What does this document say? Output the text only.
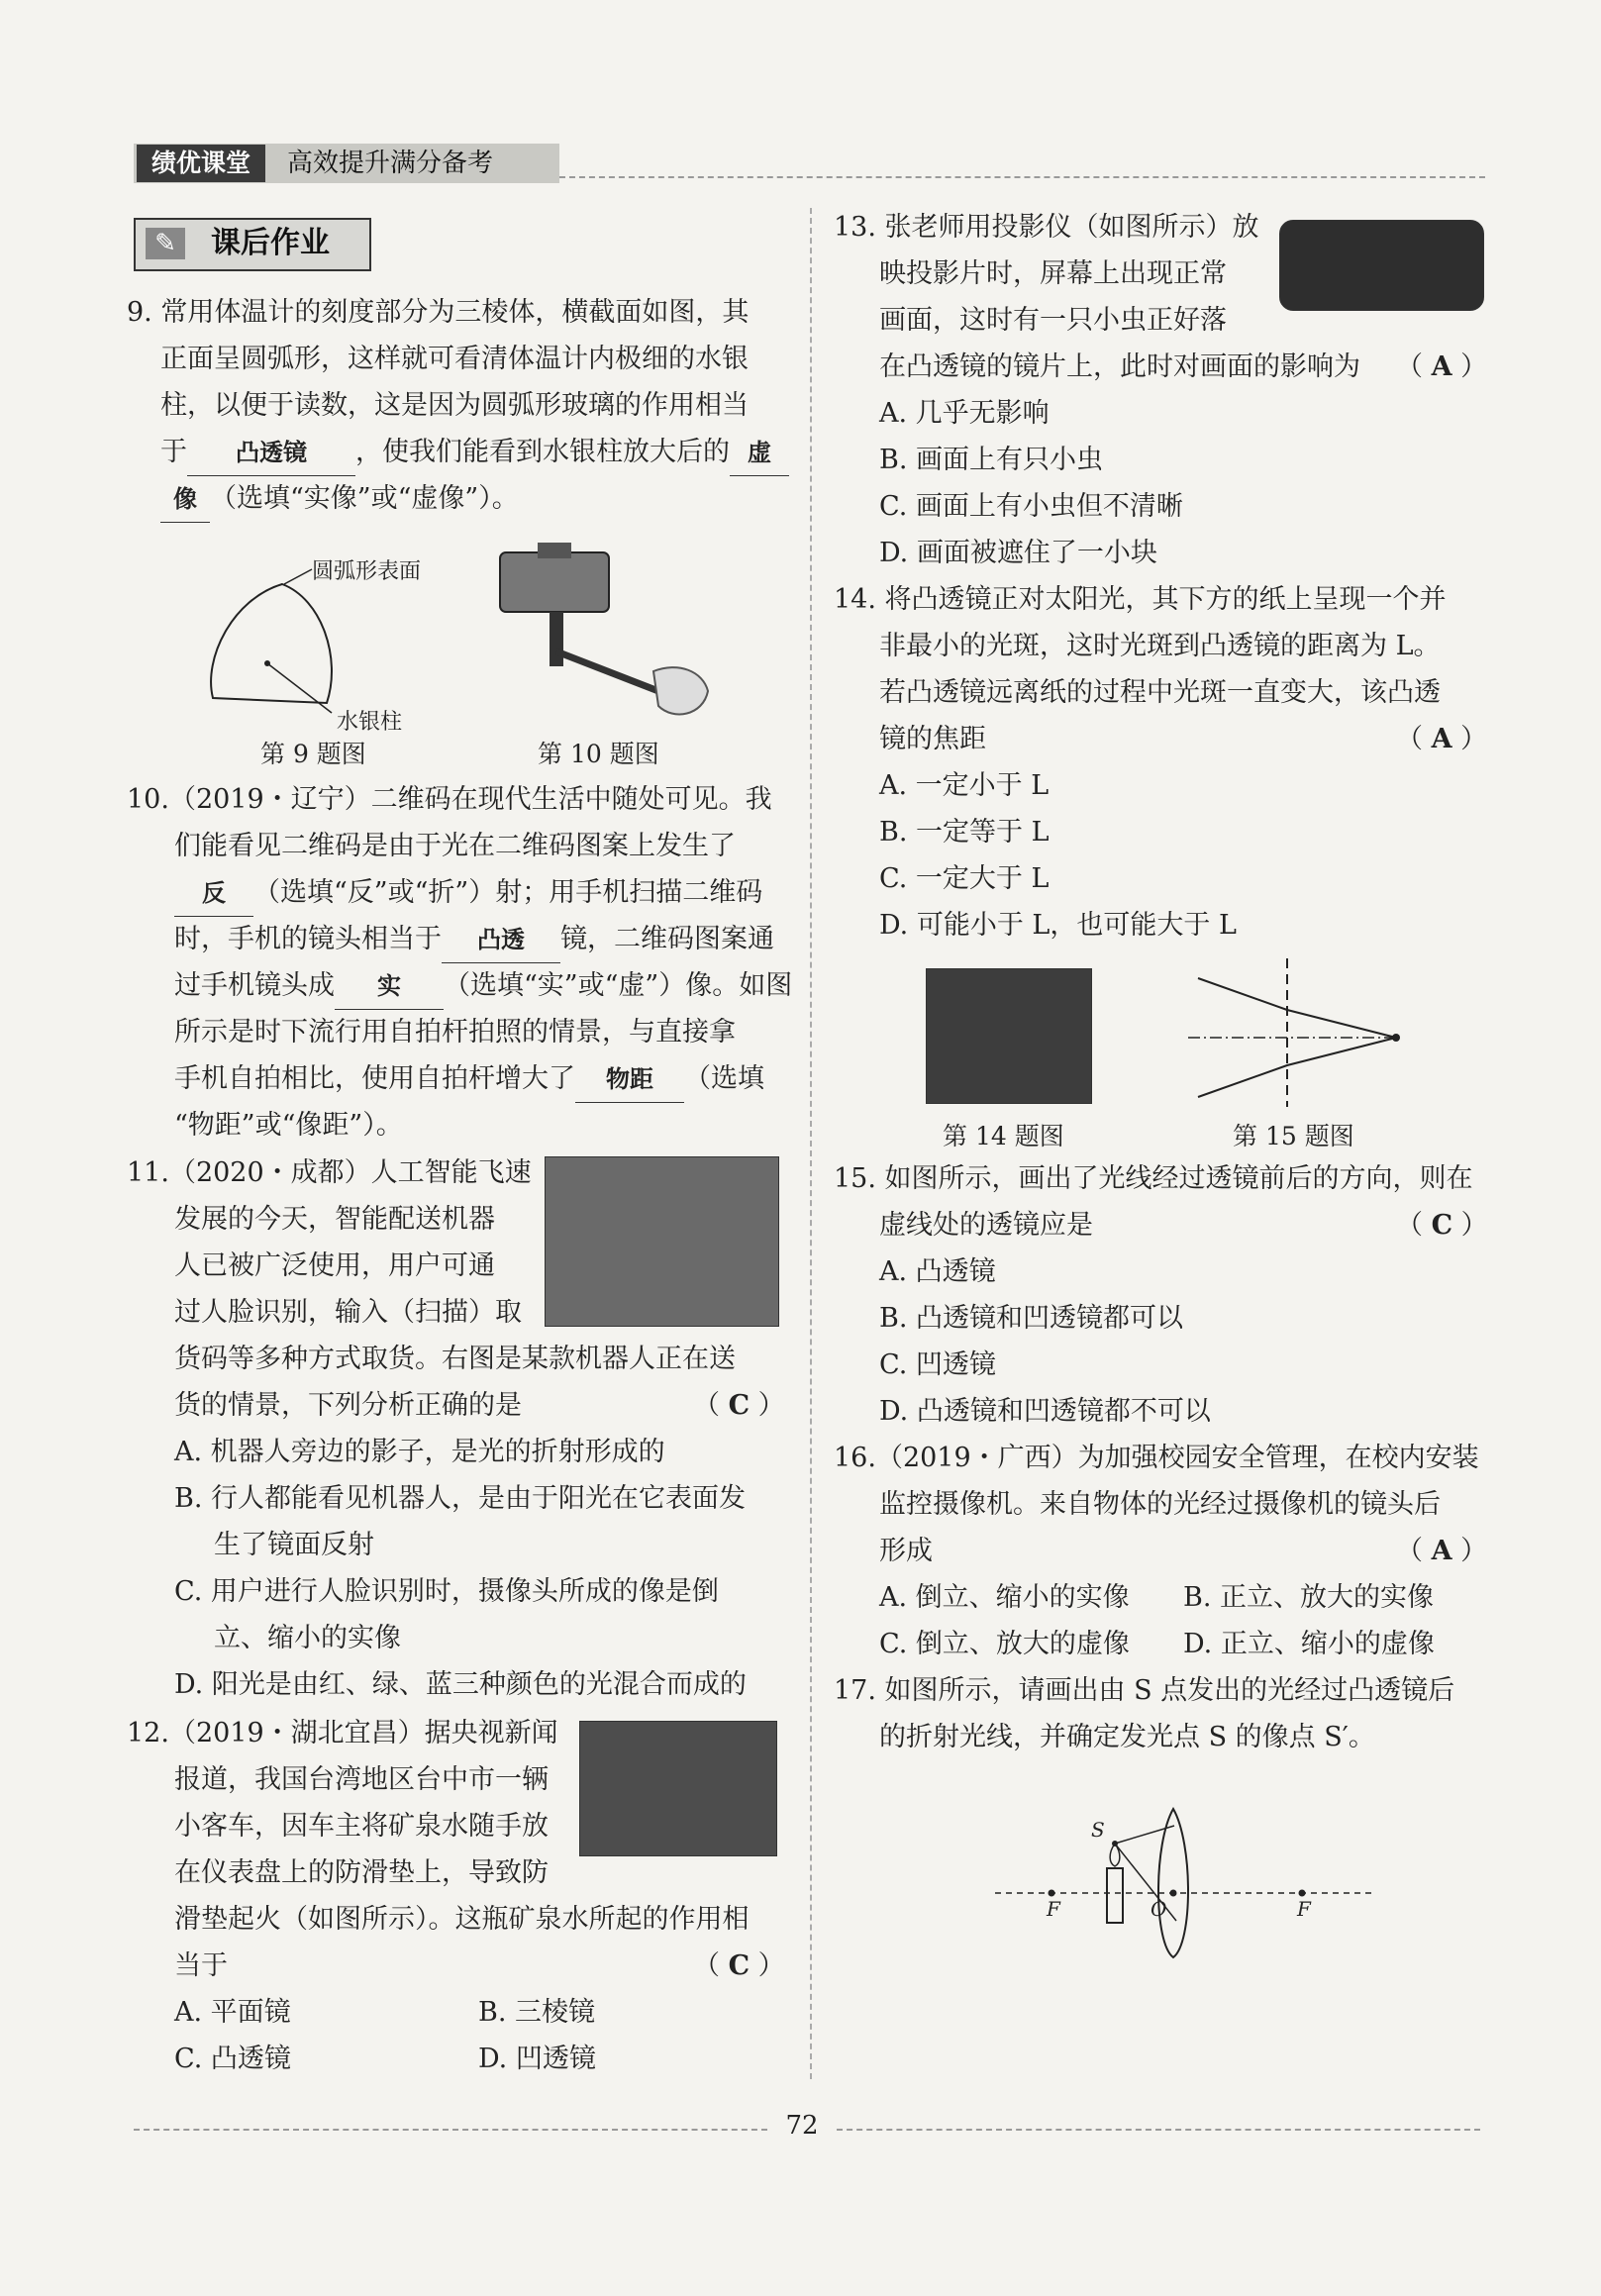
绩优课堂	高效提升满分备考
✎	课后作业
9. 常用体温计的刻度部分为三棱体，横截面如图，其
正面呈圆弧形，这样就可看清体温计内极细的水银
柱，以便于读数，这是因为圆弧形玻璃的作用相当
于 凸透镜 ，使我们能看到水银柱放大后的 虚
像 （选填“实像”或“虚像”）。
圆弧形表面
水银柱
第 9 题图	第 10 题图
10.（2019・辽宁）二维码在现代生活中随处可见。我
们能看见二维码是由于光在二维码图案上发生了
反 （选填“反”或“折”）射；用手机扫描二维码
时，手机的镜头相当于 凸透 镜，二维码图案通
过手机镜头成 实 （选填“实”或“虚”）像。如图
所示是时下流行用自拍杆拍照的情景，与直接拿
手机自拍相比，使用自拍杆增大了 物距 （选填
“物距”或“像距”）。
11.（2020・成都）人工智能飞速
发展的今天，智能配送机器
人已被广泛使用，用户可通
过人脸识别，输入（扫描）取
货码等多种方式取货。右图是某款机器人正在送
货的情景，下列分析正确的是	（ C ）
A. 机器人旁边的影子，是光的折射形成的
B. 行人都能看见机器人，是由于阳光在它表面发
生了镜面反射
C. 用户进行人脸识别时，摄像头所成的像是倒
立、缩小的实像
D. 阳光是由红、绿、蓝三种颜色的光混合而成的
12.（2019・湖北宜昌）据央视新闻
报道，我国台湾地区台中市一辆
小客车，因车主将矿泉水随手放
在仪表盘上的防滑垫上，导致防
滑垫起火（如图所示）。这瓶矿泉水所起的作用相
当于	（ C ）
A. 平面镜	B. 三棱镜
C. 凸透镜	D. 凹透镜
13. 张老师用投影仪（如图所示）放
映投影片时，屏幕上出现正常
画面，这时有一只小虫正好落
在凸透镜的镜片上，此时对画面的影响为 （ A ）
A. 几乎无影响
B. 画面上有只小虫
C. 画面上有小虫但不清晰
D. 画面被遮住了一小块
14. 将凸透镜正对太阳光，其下方的纸上呈现一个并
非最小的光斑，这时光斑到凸透镜的距离为 L。
若凸透镜远离纸的过程中光斑一直变大，该凸透
镜的焦距	（ A ）
A. 一定小于 L
B. 一定等于 L
C. 一定大于 L
D. 可能小于 L，也可能大于 L
第 14 题图	第 15 题图
15. 如图所示，画出了光线经过透镜前后的方向，则在
虚线处的透镜应是	（ C ）
A. 凸透镜
B. 凸透镜和凹透镜都可以
C. 凹透镜
D. 凸透镜和凹透镜都不可以
16.（2019・广西）为加强校园安全管理，在校内安装
监控摄像机。来自物体的光经过摄像机的镜头后
形成	（ A ）
A. 倒立、缩小的实像 B. 正立、放大的实像
C. 倒立、放大的虚像 D. 正立、缩小的虚像
17. 如图所示，请画出由 S 点发出的光经过凸透镜后
的折射光线，并确定发光点 S 的像点 S′。
S
F	O	F
72
